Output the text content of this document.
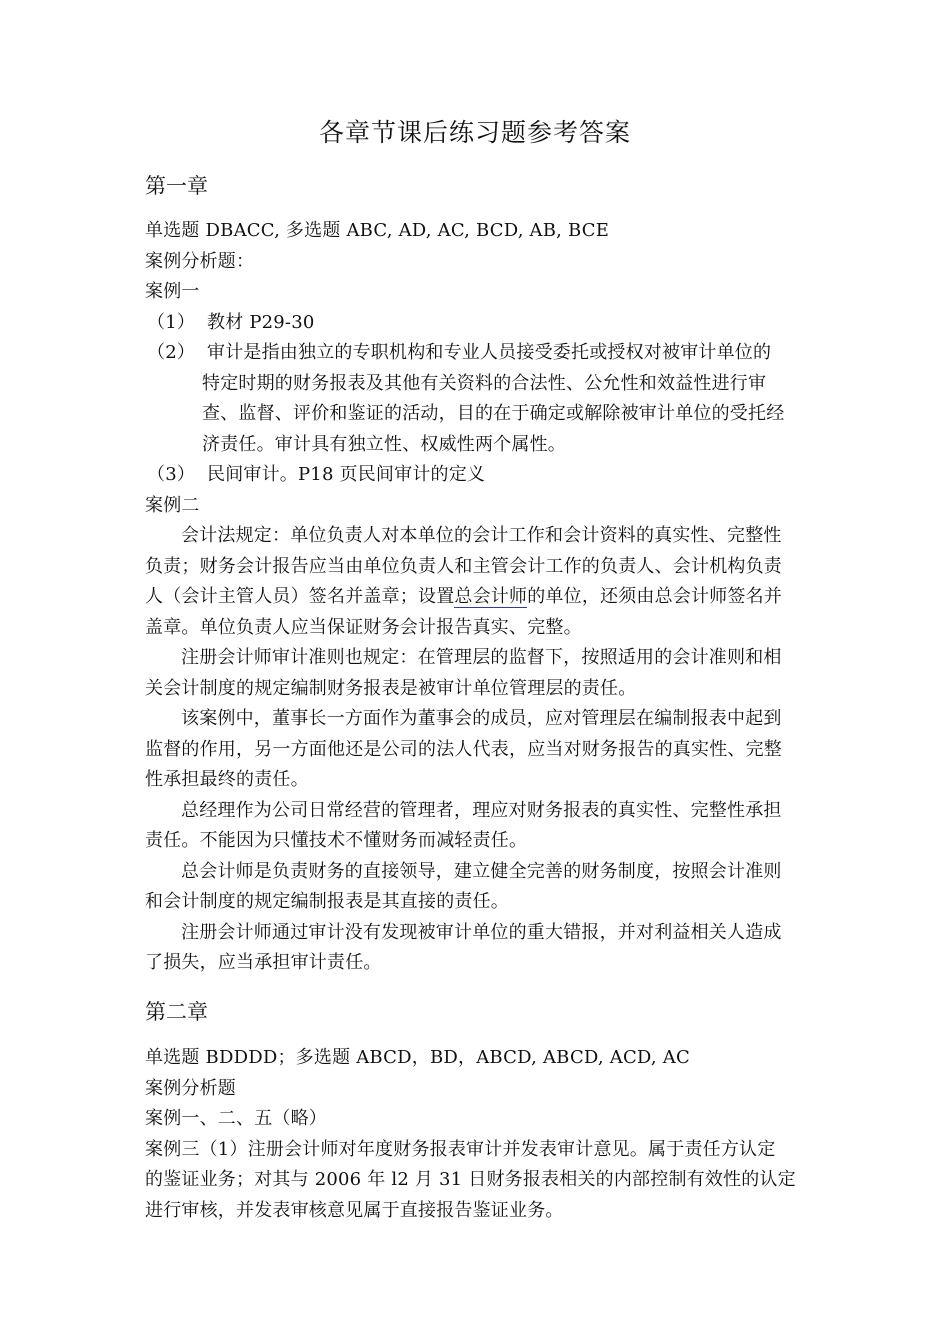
各章节课后练习题参考答案
第一章
单选题 DBACC, 多选题 ABC, AD, AC, BCD, AB, BCE
案例分析题：
案例一
（1） 教材 P29-30
（2） 审计是指由独立的专职机构和专业人员接受委托或授权对被审计单位的
特定时期的财务报表及其他有关资料的合法性、公允性和效益性进行审
查、监督、评价和鉴证的活动，目的在于确定或解除被审计单位的受托经
济责任。审计具有独立性、权威性两个属性。
（3） 民间审计。P18 页民间审计的定义
案例二
会计法规定：单位负责人对本单位的会计工作和会计资料的真实性、完整性
负责；财务会计报告应当由单位负责人和主管会计工作的负责人、会计机构负责
人（会计主管人员）签名并盖章；设置总会计师的单位，还须由总会计师签名并
盖章。单位负责人应当保证财务会计报告真实、完整。
注册会计师审计准则也规定：在管理层的监督下，按照适用的会计准则和相
关会计制度的规定编制财务报表是被审计单位管理层的责任。
该案例中，董事长一方面作为董事会的成员，应对管理层在编制报表中起到
监督的作用，另一方面他还是公司的法人代表，应当对财务报告的真实性、完整
性承担最终的责任。
总经理作为公司日常经营的管理者，理应对财务报表的真实性、完整性承担
责任。不能因为只懂技术不懂财务而减轻责任。
总会计师是负责财务的直接领导，建立健全完善的财务制度，按照会计准则
和会计制度的规定编制报表是其直接的责任。
注册会计师通过审计没有发现被审计单位的重大错报，并对利益相关人造成
了损失，应当承担审计责任。
第二章
单选题 BDDDD；多选题 ABCD，BD，ABCD, ABCD, ACD, AC
案例分析题
案例一、二、五（略）
案例三（1）注册会计师对年度财务报表审计并发表审计意见。属于责任方认定
的鉴证业务；对其与 2006 年 l2 月 31 日财务报表相关的内部控制有效性的认定
进行审核，并发表审核意见属于直接报告鉴证业务。
